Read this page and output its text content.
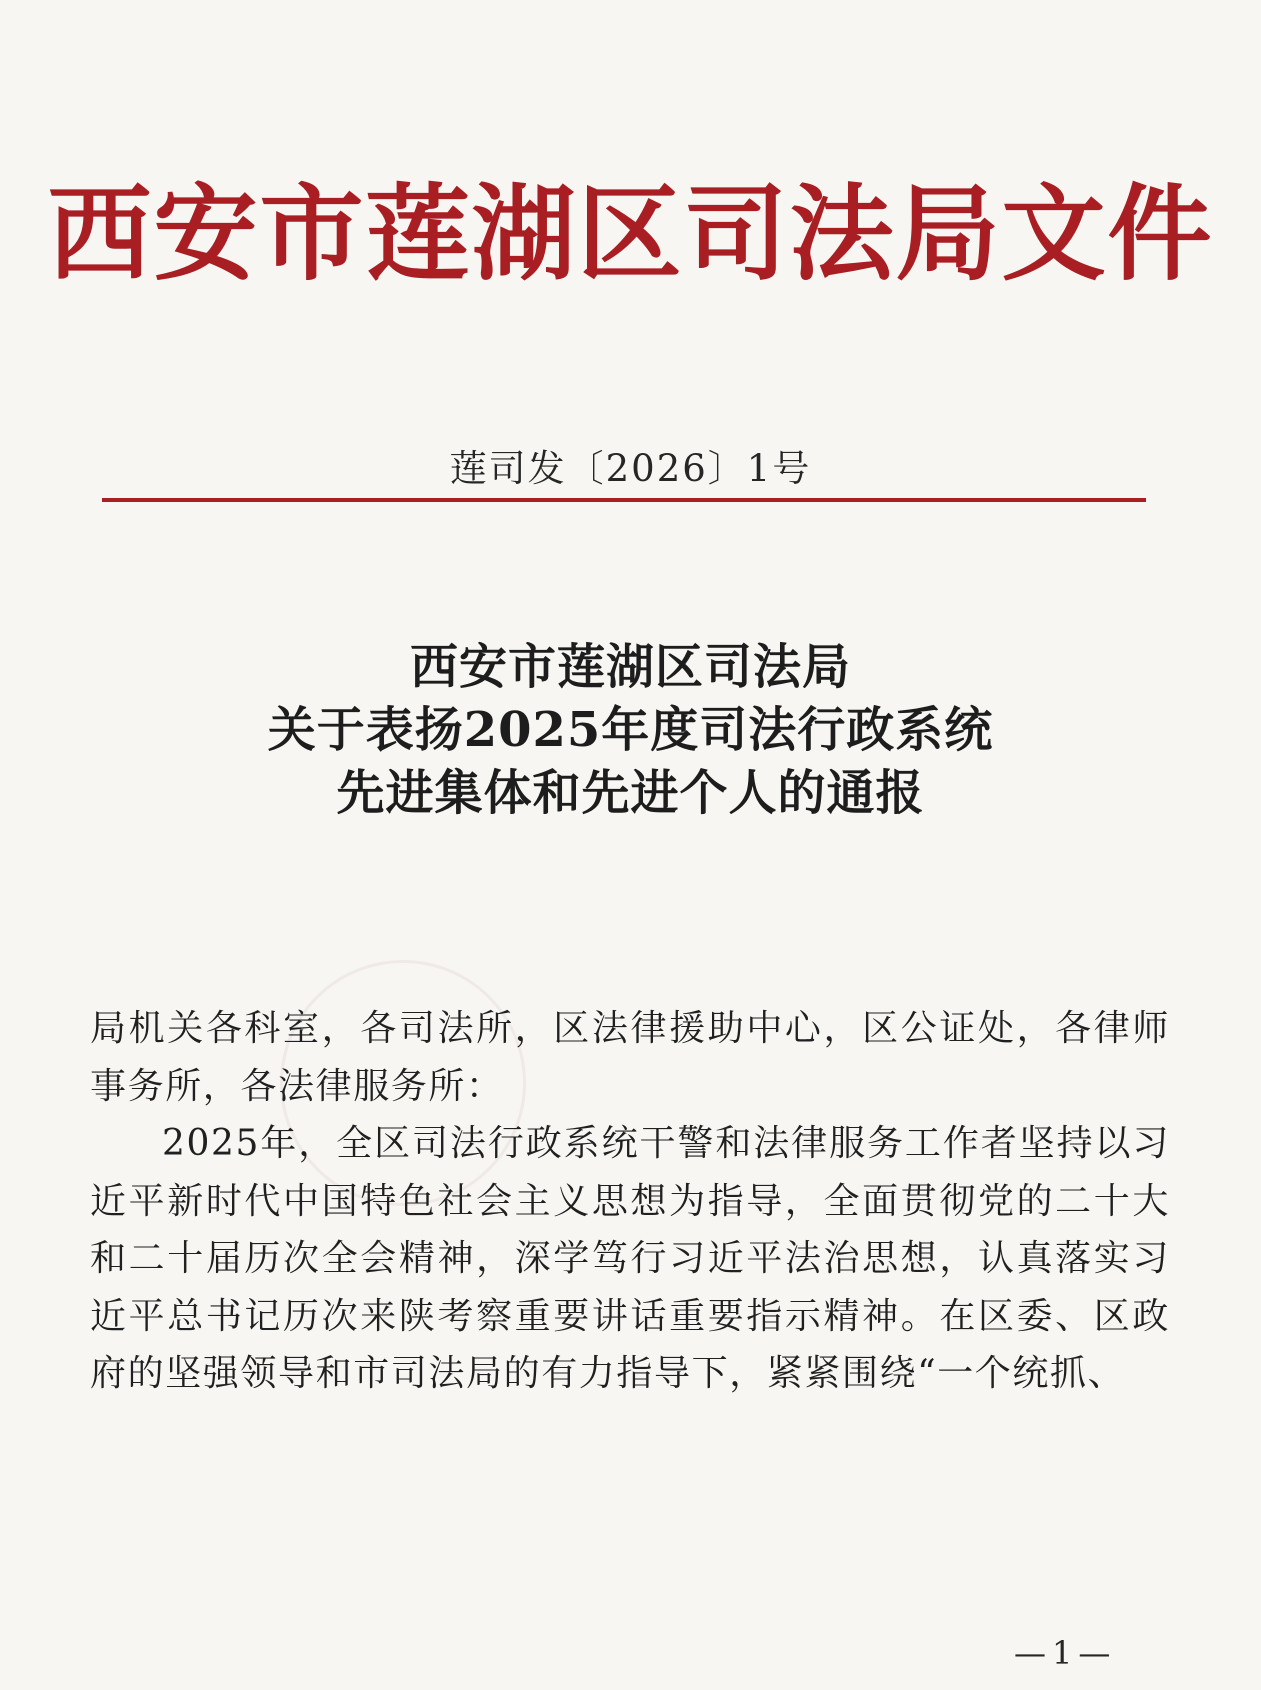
西安市莲湖区司法局文件
莲司发〔2026〕1号
西安市莲湖区司法局
关于表扬2025年度司法行政系统
先进集体和先进个人的通报

局机关各科室，各司法所，区法律援助中心，区公证处，各律师事务所，各法律服务所：

2025年，全区司法行政系统干警和法律服务工作者坚持以习近平新时代中国特色社会主义思想为指导，全面贯彻党的二十大和二十届历次全会精神，深学笃行习近平法治思想，认真落实习近平总书记历次来陕考察重要讲话重要指示精神。在区委、区政府的坚强领导和市司法局的有力指导下，紧紧围绕“一个统抓、

—1—
